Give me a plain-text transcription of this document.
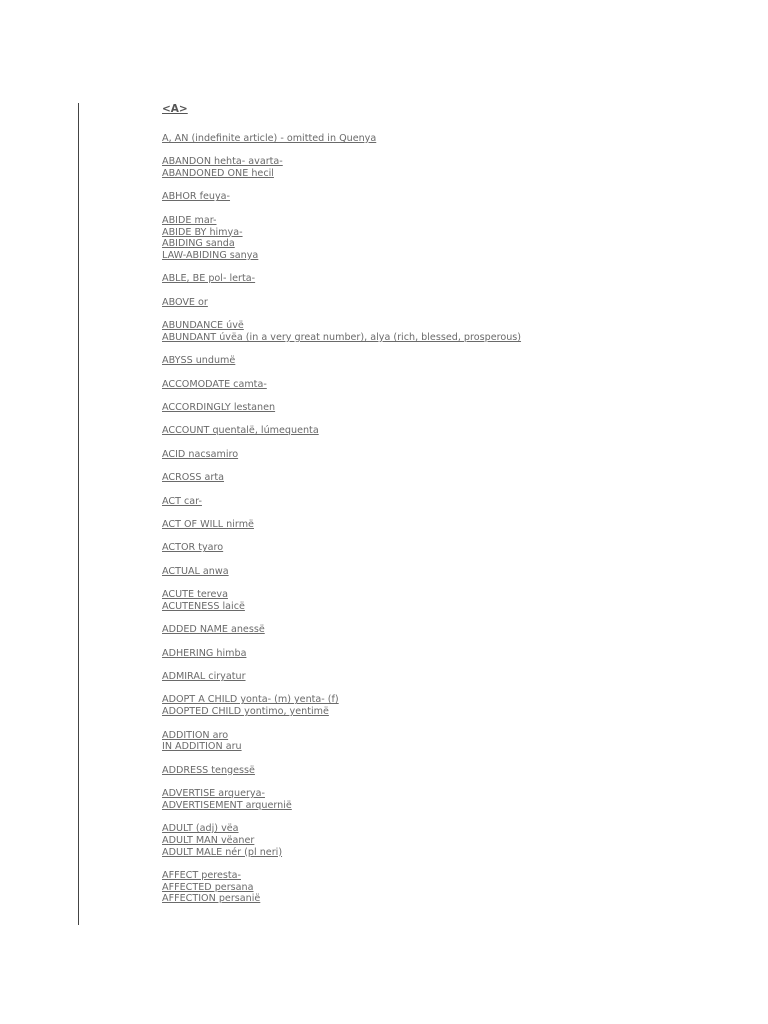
<A>
A, AN (indefinite article) - omitted in Quenya
ABANDON hehta- avarta-
ABANDONED ONE hecil
ABHOR feuya-
ABIDE mar-
ABIDE BY himya-
ABIDING sanda
LAW-ABIDING sanya
ABLE, BE pol- lerta-
ABOVE or
ABUNDANCE úvë
ABUNDANT úvëa (in a very great number), alya (rich, blessed, prosperous)
ABYSS undumë
ACCOMODATE camta-
ACCORDINGLY lestanen
ACCOUNT quentalë, lúmequenta
ACID nacsamiro
ACROSS arta
ACT car-
ACT OF WILL nirmë
ACTOR tyaro
ACTUAL anwa
ACUTE tereva
ACUTENESS laicë
ADDED NAME anessë
ADHERING himba
ADMIRAL ciryatur
ADOPT A CHILD yonta- (m) yenta- (f)
ADOPTED CHILD yontimo, yentimë
ADDITION aro
IN ADDITION aru
ADDRESS tengessë
ADVERTISE arquerya-
ADVERTISEMENT arquernië
ADULT (adj) vëa
ADULT MAN vëaner
ADULT MALE nér (pl neri)
AFFECT peresta-
AFFECTED persana
AFFECTION persanië
